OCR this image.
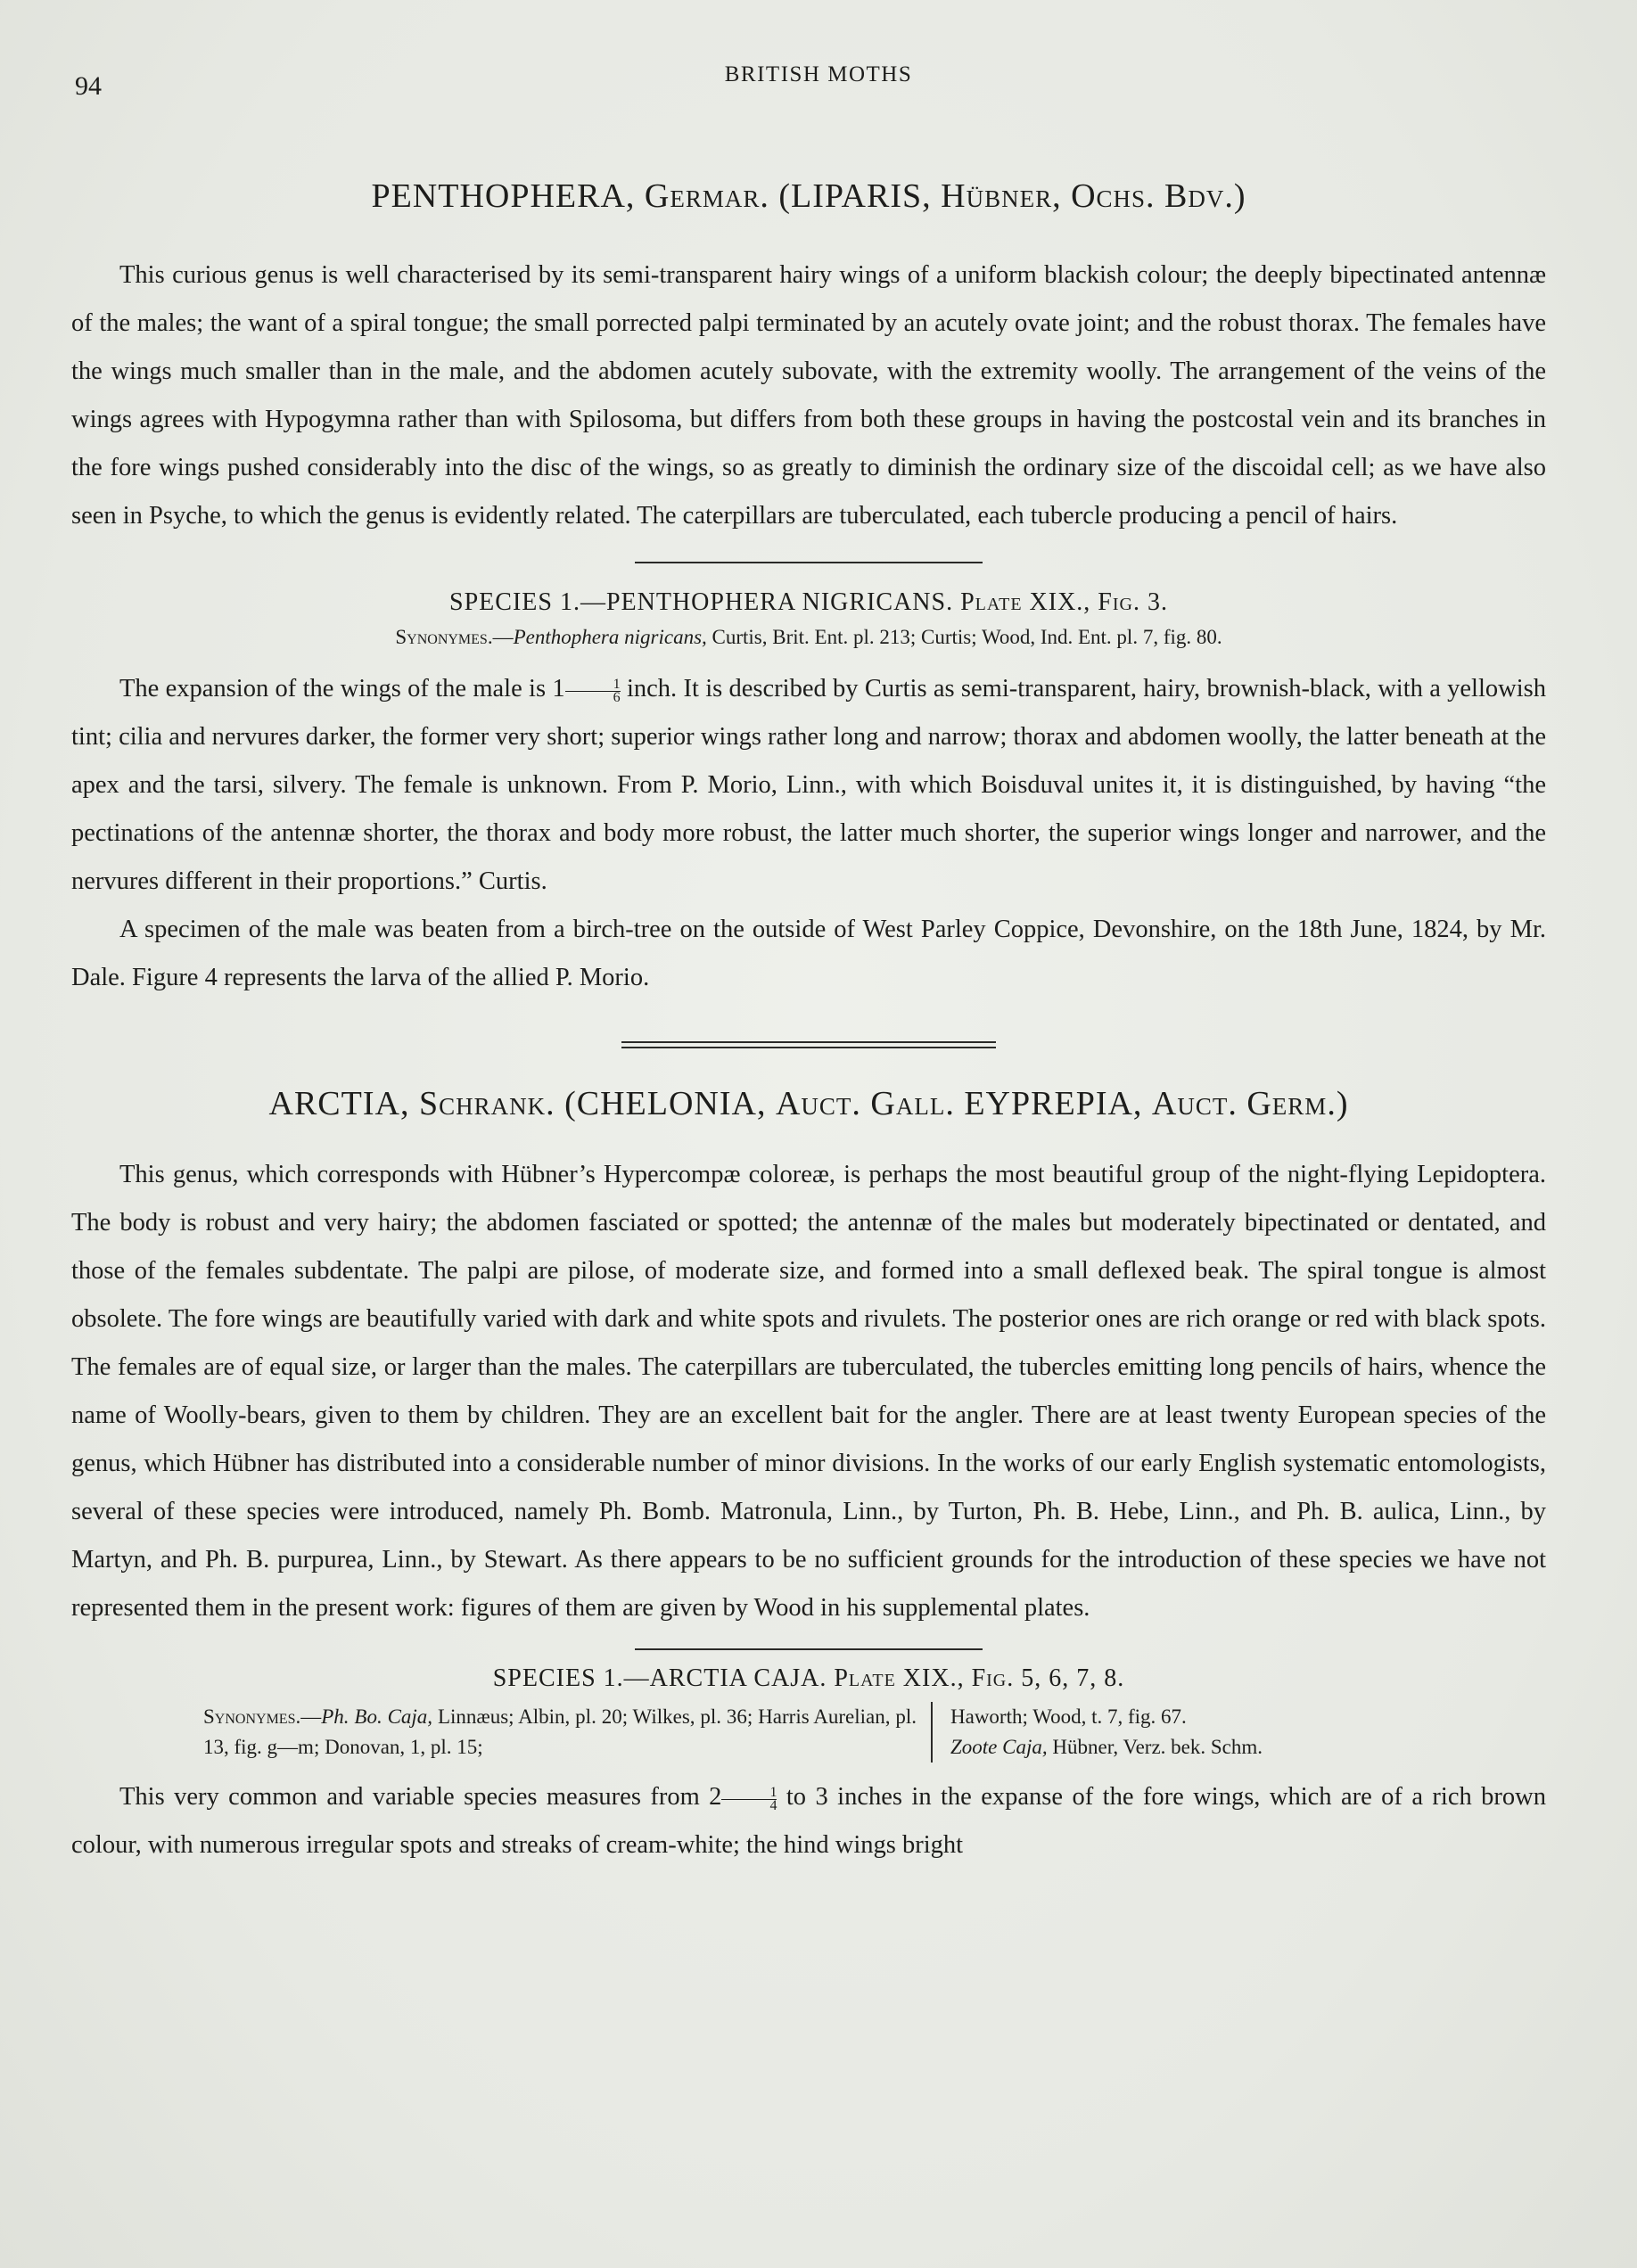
94	BRITISH MOTHS
PENTHOPHERA, Germar. (LIPARIS, Hübner, Ochs. Bdv.)

This curious genus is well characterised by its semi-transparent hairy wings of a uniform blackish colour; the deeply bipectinated antennæ of the males; the want of a spiral tongue; the small porrected palpi terminated by an acutely ovate joint; and the robust thorax. The females have the wings much smaller than in the male, and the abdomen acutely subovate, with the extremity woolly. The arrangement of the veins of the wings agrees with Hypogymna rather than with Spilosoma, but differs from both these groups in having the postcostal vein and its branches in the fore wings pushed considerably into the disc of the wings, so as greatly to diminish the ordinary size of the discoidal cell; as we have also seen in Psyche, to which the genus is evidently related. The caterpillars are tuberculated, each tubercle producing a pencil of hairs.

SPECIES 1.—PENTHOPHERA NIGRICANS. Plate XIX., Fig. 3.
Synonymes.—Penthophera nigricans, Curtis, Brit. Ent. pl. 213; Curtis; Wood, Ind. Ent. pl. 7, fig. 80.

The expansion of the wings of the male is $1 \frac{1}{6}$ inch. It is described by Curtis as semi-transparent, hairy, brownish-black, with a yellowish tint; cilia and nervures darker, the former very short; superior wings rather long and narrow; thorax and abdomen woolly, the latter beneath at the apex and the tarsi, silvery. The female is unknown. From P. Morio, Linn., with which Boisduval unites it, it is distinguished, by having “the pectinations of the antennæ shorter, the thorax and body more robust, the latter much shorter, the superior wings longer and narrower, and the nervures different in their proportions.” Curtis.

A specimen of the male was beaten from a birch-tree on the outside of West Parley Coppice, Devonshire, on the 18th June, 1824, by Mr. Dale. Figure 4 represents the larva of the allied P. Morio.

ARCTIA, Schrank. (CHELONIA, Auct. Gall. EYPREPIA, Auct. Germ.)

This genus, which corresponds with Hübner’s Hypercompæ coloreæ, is perhaps the most beautiful group of the night-flying Lepidoptera. The body is robust and very hairy; the abdomen fasciated or spotted; the antennæ of the males but moderately bipectinated or dentated, and those of the females subdentate. The palpi are pilose, of moderate size, and formed into a small deflexed beak. The spiral tongue is almost obsolete. The fore wings are beautifully varied with dark and white spots and rivulets. The posterior ones are rich orange or red with black spots. The females are of equal size, or larger than the males. The caterpillars are tuberculated, the tubercles emitting long pencils of hairs, whence the name of Woolly-bears, given to them by children. They are an excellent bait for the angler. There are at least twenty European species of the genus, which Hübner has distributed into a considerable number of minor divisions. In the works of our early English systematic entomologists, several of these species were introduced, namely Ph. Bomb. Matronula, Linn., by Turton, Ph. B. Hebe, Linn., and Ph. B. aulica, Linn., by Martyn, and Ph. B. purpurea, Linn., by Stewart. As there appears to be no sufficient grounds for the introduction of these species we have not represented them in the present work: figures of them are given by Wood in his supplemental plates.

SPECIES 1.—ARCTIA CAJA. Plate XIX., Fig. 5, 6, 7, 8.
Synonymes.—Ph. Bo. Caja, Linnæus; Albin, pl. 20; Wilkes, pl. 36; Harris Aurelian, pl. 13, fig. g—m; Donovan, 1, pl. 15;
Haworth; Wood, t. 7, fig. 67.
Zoote Caja, Hübner, Verz. bek. Schm.

This very common and variable species measures from $2 \frac{1}{4}$ to 3 inches in the expanse of the fore wings, which are of a rich brown colour, with numerous irregular spots and streaks of cream-white; the hind wings bright
